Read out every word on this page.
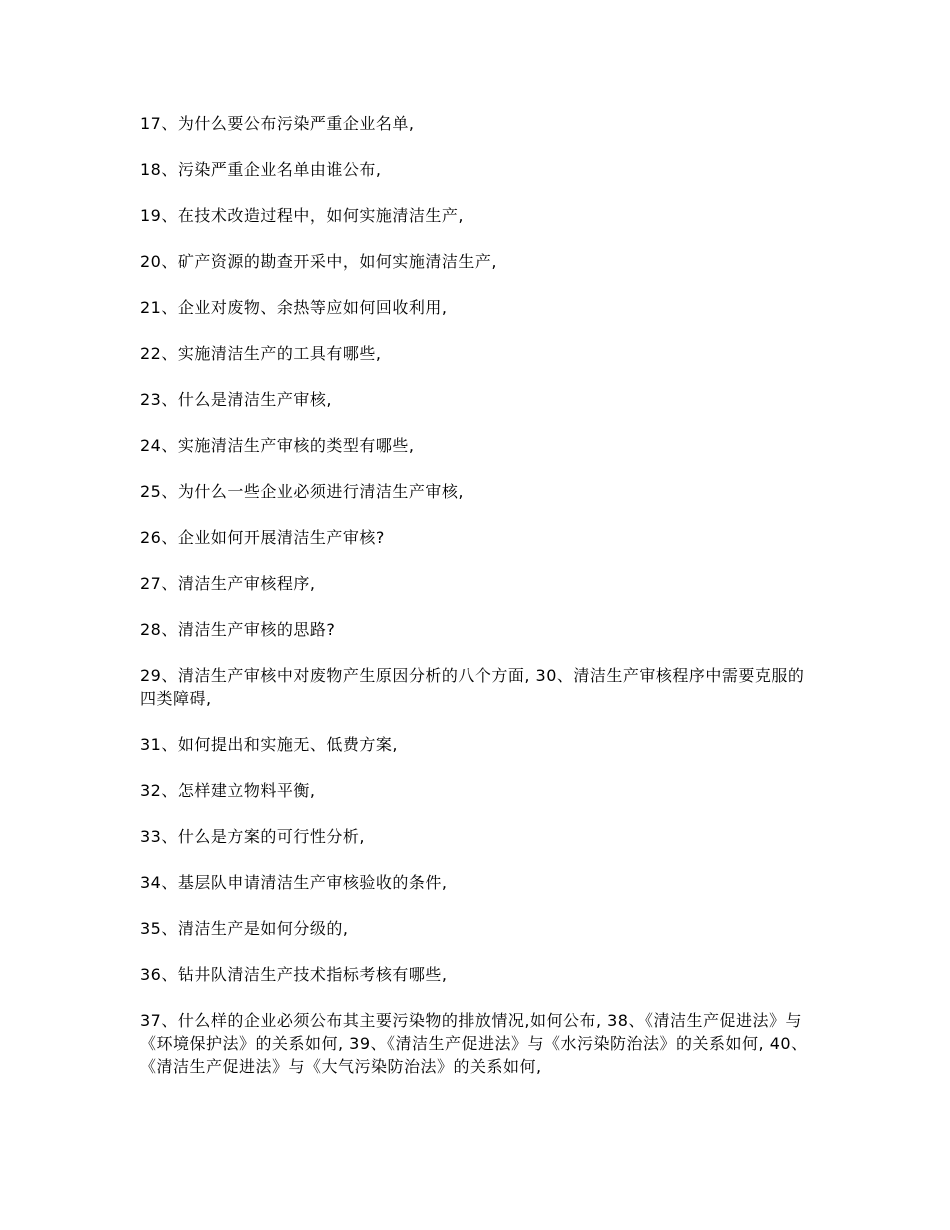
17、为什么要公布污染严重企业名单,

18、污染严重企业名单由谁公布,

19、在技术改造过程中，如何实施清洁生产,

20、矿产资源的勘查开采中，如何实施清洁生产,

21、企业对废物、余热等应如何回收利用,

22、实施清洁生产的工具有哪些,

23、什么是清洁生产审核,

24、实施清洁生产审核的类型有哪些,

25、为什么一些企业必须进行清洁生产审核,

26、企业如何开展清洁生产审核?

27、清洁生产审核程序,

28、清洁生产审核的思路?

29、清洁生产审核中对废物产生原因分析的八个方面, 30、清洁生产审核程序中需要克服的四类障碍,

31、如何提出和实施无、低费方案,

32、怎样建立物料平衡,

33、什么是方案的可行性分析,

34、基层队申请清洁生产审核验收的条件,

35、清洁生产是如何分级的,

36、钻井队清洁生产技术指标考核有哪些,

37、什么样的企业必须公布其主要污染物的排放情况,如何公布, 38、《清洁生产促进法》与《环境保护法》的关系如何, 39、《清洁生产促进法》与《水污染防治法》的关系如何, 40、《清洁生产促进法》与《大气污染防治法》的关系如何,
